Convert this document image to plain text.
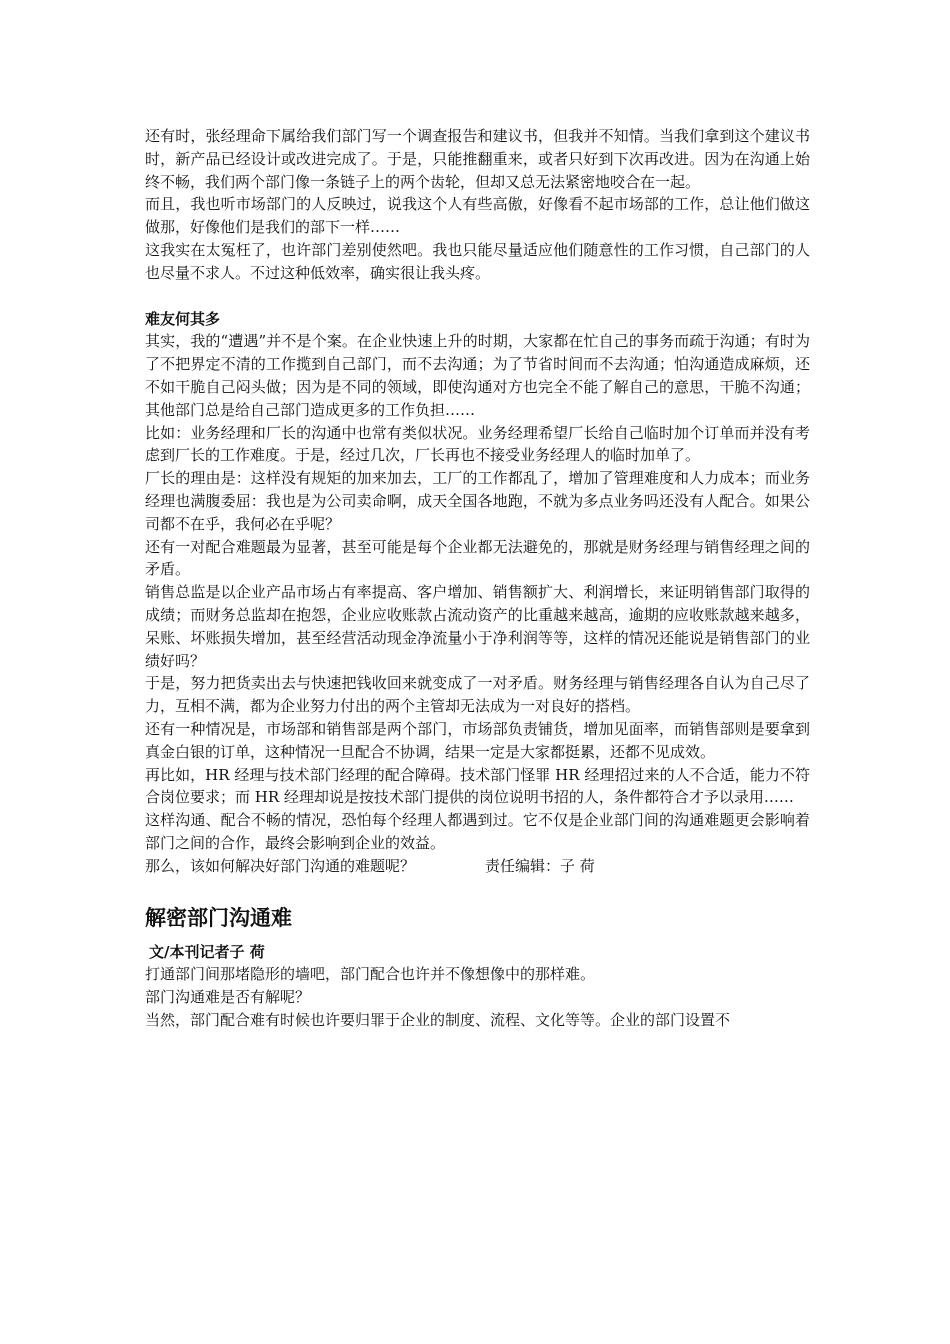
还有时，张经理命下属给我们部门写一个调查报告和建议书，但我并不知情。当我们拿到这个建议书时，新产品已经设计或改进完成了。于是，只能推翻重来，或者只好到下次再改进。因为在沟通上始终不畅，我们两个部门像一条链子上的两个齿轮，但却又总无法紧密地咬合在一起。

而且，我也听市场部门的人反映过，说我这个人有些高傲，好像看不起市场部的工作，总让他们做这做那，好像他们是我们的部下一样……

这我实在太冤枉了，也许部门差别使然吧。我也只能尽量适应他们随意性的工作习惯，自己部门的人也尽量不求人。不过这种低效率，确实很让我头疼。

难友何其多

其实，我的“遭遇”并不是个案。在企业快速上升的时期，大家都在忙自己的事务而疏于沟通；有时为了不把界定不清的工作揽到自己部门，而不去沟通；为了节省时间而不去沟通；怕沟通造成麻烦，还不如干脆自己闷头做；因为是不同的领域，即使沟通对方也完全不能了解自己的意思，干脆不沟通；其他部门总是给自己部门造成更多的工作负担……

比如：业务经理和厂长的沟通中也常有类似状况。业务经理希望厂长给自己临时加个订单而并没有考虑到厂长的工作难度。于是，经过几次，厂长再也不接受业务经理人的临时加单了。

厂长的理由是：这样没有规矩的加来加去，工厂的工作都乱了，增加了管理难度和人力成本；而业务经理也满腹委屈：我也是为公司卖命啊，成天全国各地跑，不就为多点业务吗还没有人配合。如果公司都不在乎，我何必在乎呢？

还有一对配合难题最为显著，甚至可能是每个企业都无法避免的，那就是财务经理与销售经理之间的矛盾。

销售总监是以企业产品市场占有率提高、客户增加、销售额扩大、利润增长，来证明销售部门取得的成绩；而财务总监却在抱怨，企业应收账款占流动资产的比重越来越高，逾期的应收账款越来越多，呆账、坏账损失增加，甚至经营活动现金净流量小于净利润等等，这样的情况还能说是销售部门的业绩好吗？

于是，努力把货卖出去与快速把钱收回来就变成了一对矛盾。财务经理与销售经理各自认为自己尽了力，互相不满，都为企业努力付出的两个主管却无法成为一对良好的搭档。

还有一种情况是，市场部和销售部是两个部门，市场部负责铺货，增加见面率，而销售部则是要拿到真金白银的订单，这种情况一旦配合不协调，结果一定是大家都挺累，还都不见成效。

再比如，HR 经理与技术部门经理的配合障碍。技术部门怪罪 HR 经理招过来的人不合适，能力不符合岗位要求；而 HR 经理却说是按技术部门提供的岗位说明书招的人，条件都符合才予以录用……

这样沟通、配合不畅的情况，恐怕每个经理人都遇到过。它不仅是企业部门间的沟通难题更会影响着部门之间的合作，最终会影响到企业的效益。

那么，该如何解决好部门沟通的难题呢？	责任编辑：子 荷

解密部门沟通难

文/本刊记者子 荷

打通部门间那堵隐形的墙吧，部门配合也许并不像想像中的那样难。

部门沟通难是否有解呢？

当然，部门配合难有时候也许要归罪于企业的制度、流程、文化等等。企业的部门设置不
